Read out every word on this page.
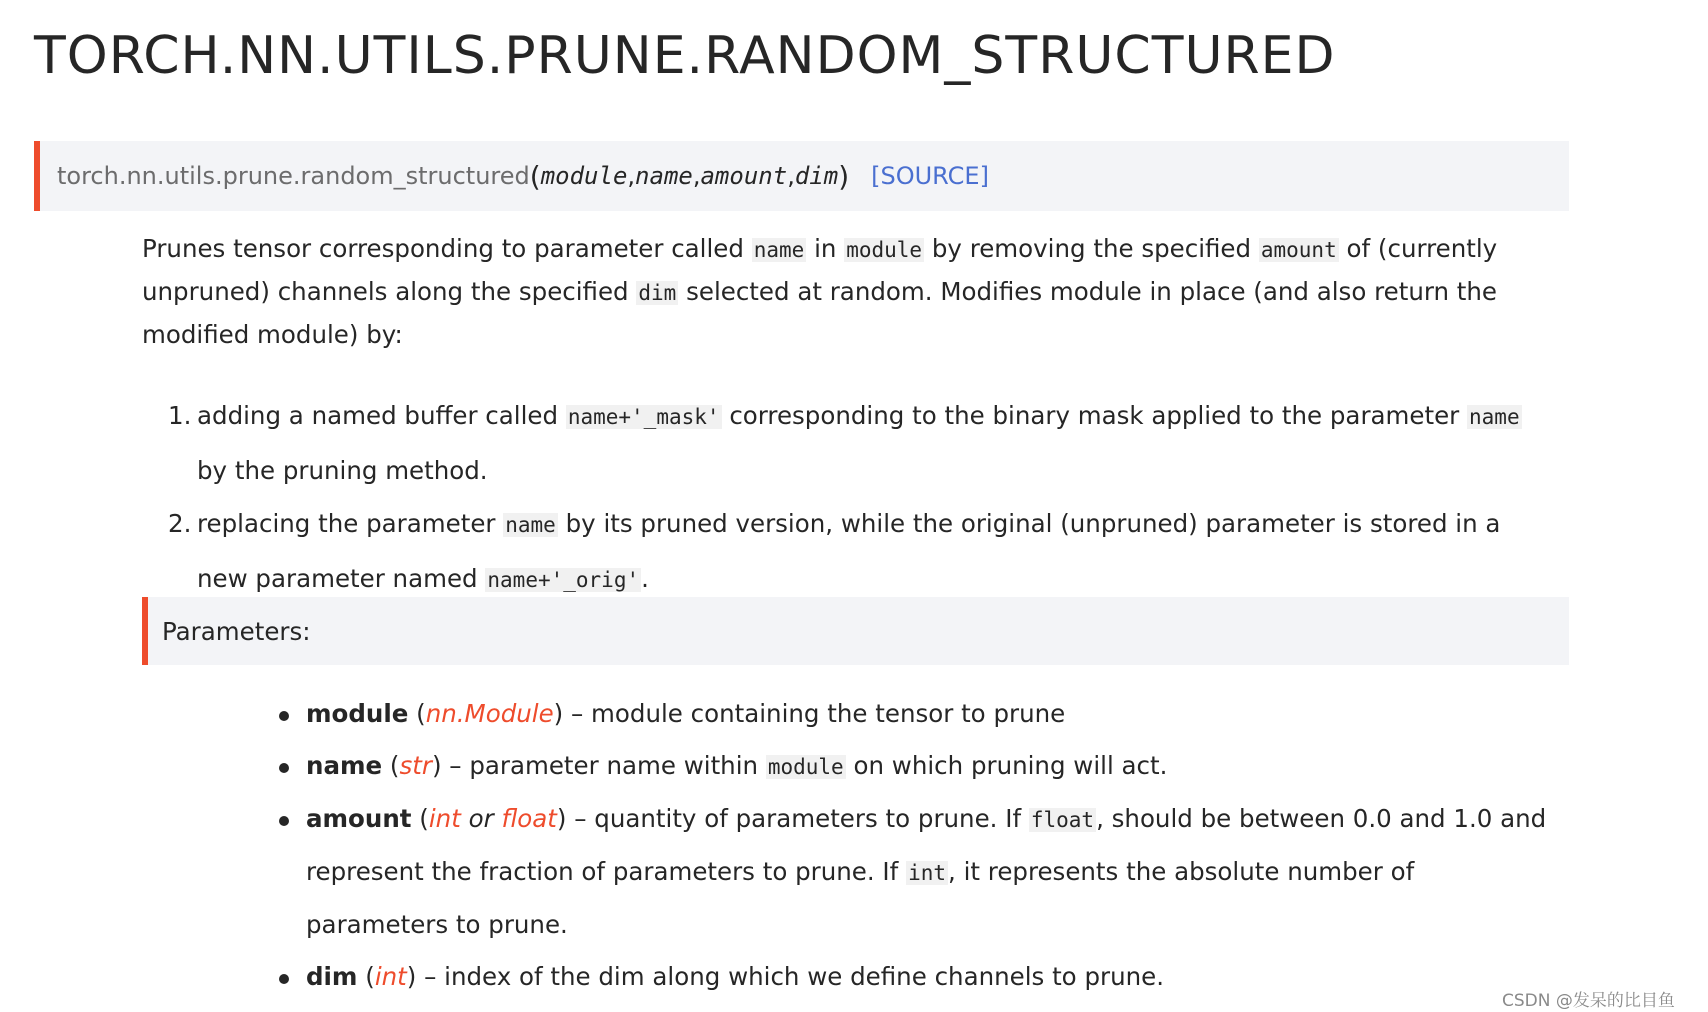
TORCH.NN.UTILS.PRUNE.RANDOM_STRUCTURED
torch.nn.utils.prune.random_structured ( module , name , amount , dim ) [SOURCE]

Prunes tensor corresponding to parameter called name in module by removing the specified amount of (currently unpruned) channels along the specified dim selected at random. Modifies module in place (and also return the modified module) by:

1. adding a named buffer called name+'_mask' corresponding to the binary mask applied to the parameter name by the pruning method.
2. replacing the parameter name by its pruned version, while the original (unpruned) parameter is stored in a new parameter named name+'_orig'.
Parameters:
module (nn.Module) – module containing the tensor to prune
name (str) – parameter name within module on which pruning will act.
amount (int or float) – quantity of parameters to prune. If float, should be between 0.0 and 1.0 and represent the fraction of parameters to prune. If int, it represents the absolute number of parameters to prune.
dim (int) – index of the dim along which we define channels to prune.
CSDN @发呆的比目鱼
